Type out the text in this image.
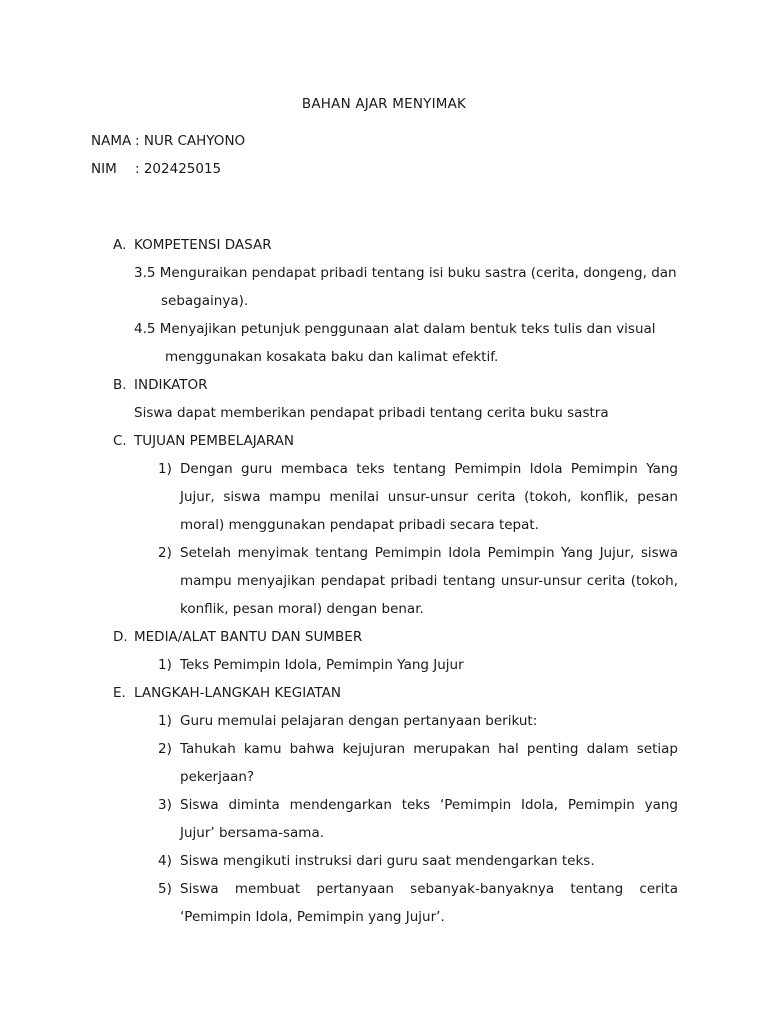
BAHAN AJAR MENYIMAK
NAMA : NUR CAHYONO
NIM : 202425015
A. KOMPETENSI DASAR
3.5 Menguraikan pendapat pribadi tentang isi buku sastra (cerita, dongeng, dan
sebagainya).
4.5 Menyajikan petunjuk penggunaan alat dalam bentuk teks tulis dan visual
menggunakan kosakata baku dan kalimat efektif.
B. INDIKATOR
Siswa dapat memberikan pendapat pribadi tentang cerita buku sastra
C. TUJUAN PEMBELAJARAN
1) Dengan guru membaca teks tentang Pemimpin Idola Pemimpin Yang Jujur, siswa mampu menilai unsur-unsur cerita (tokoh, konflik, pesan moral) menggunakan pendapat pribadi secara tepat.
2) Setelah menyimak tentang Pemimpin Idola Pemimpin Yang Jujur, siswa mampu menyajikan pendapat pribadi tentang unsur-unsur cerita (tokoh, konflik, pesan moral) dengan benar.
D. MEDIA/ALAT BANTU DAN SUMBER
1) Teks Pemimpin Idola, Pemimpin Yang Jujur
E. LANGKAH-LANGKAH KEGIATAN
1) Guru memulai pelajaran dengan pertanyaan berikut:
2) Tahukah kamu bahwa kejujuran merupakan hal penting dalam setiap pekerjaan?
3) Siswa diminta mendengarkan teks ‘Pemimpin Idola, Pemimpin yang Jujur’ bersama-sama.
4) Siswa mengikuti instruksi dari guru saat mendengarkan teks.
5) Siswa membuat pertanyaan sebanyak-banyaknya tentang cerita ‘Pemimpin Idola, Pemimpin yang Jujur’.
